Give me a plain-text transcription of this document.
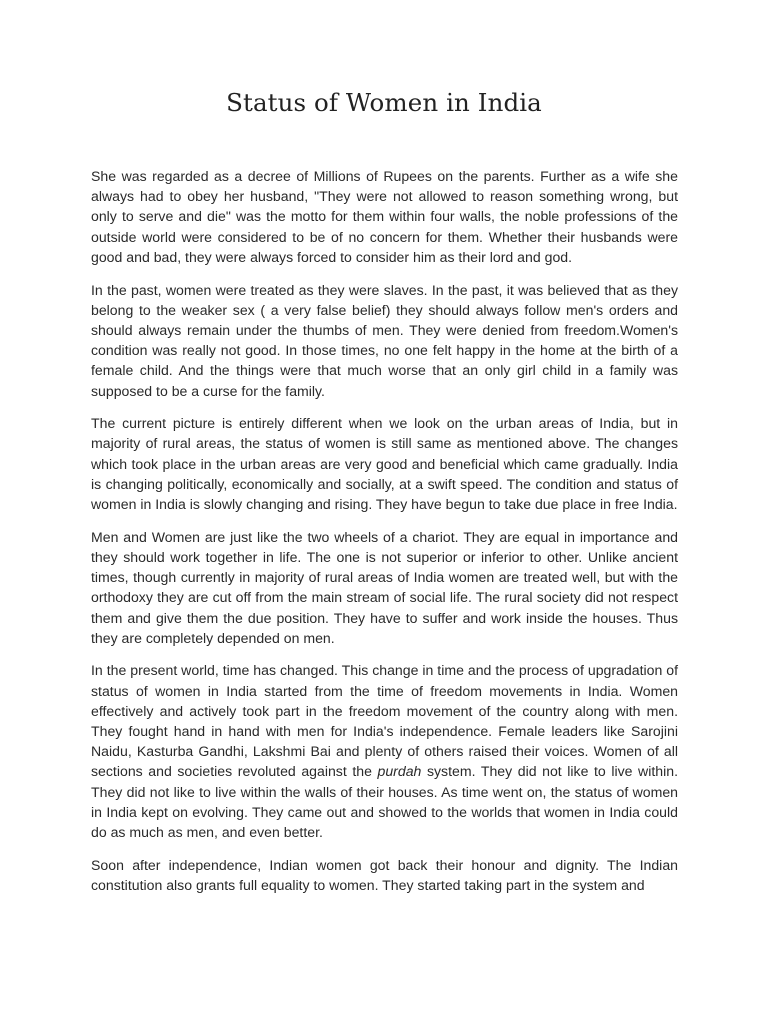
Status of Women in India

She was regarded as a decree of Millions of Rupees on the parents. Further as a wife she always had to obey her husband, "They were not allowed to reason something wrong, but only to serve and die" was the motto for them within four walls, the noble professions of the outside world were considered to be of no concern for them. Whether their husbands were good and bad, they were always forced to consider him as their lord and god.

In the past, women were treated as they were slaves. In the past, it was believed that as they belong to the weaker sex ( a very false belief) they should always follow men's orders and should always remain under the thumbs of men. They were denied from freedom.Women's condition was really not good. In those times, no one felt happy in the home at the birth of a female child. And the things were that much worse that an only girl child in a family was supposed to be a curse for the family.

The current picture is entirely different when we look on the urban areas of India, but in majority of rural areas, the status of women is still same as mentioned above. The changes which took place in the urban areas are very good and beneficial which came gradually. India is changing politically, economically and socially, at a swift speed. The condition and status of women in India is slowly changing and rising. They have begun to take due place in free India.

Men and Women are just like the two wheels of a chariot. They are equal in importance and they should work together in life. The one is not superior or inferior to other. Unlike ancient times, though currently in majority of rural areas of India women are treated well, but with the orthodoxy they are cut off from the main stream of social life. The rural society did not respect them and give them the due position. They have to suffer and work inside the houses. Thus they are completely depended on men.

In the present world, time has changed. This change in time and the process of upgradation of status of women in India started from the time of freedom movements in India. Women effectively and actively took part in the freedom movement of the country along with men. They fought hand in hand with men for India's independence. Female leaders like Sarojini Naidu, Kasturba Gandhi, Lakshmi Bai and plenty of others raised their voices. Women of all sections and societies revoluted against the purdah system. They did not like to live within. They did not like to live within the walls of their houses. As time went on, the status of women in India kept on evolving. They came out and showed to the worlds that women in India could do as much as men, and even better.

Soon after independence, Indian women got back their honour and dignity. The Indian constitution also grants full equality to women. They started taking part in the system and
